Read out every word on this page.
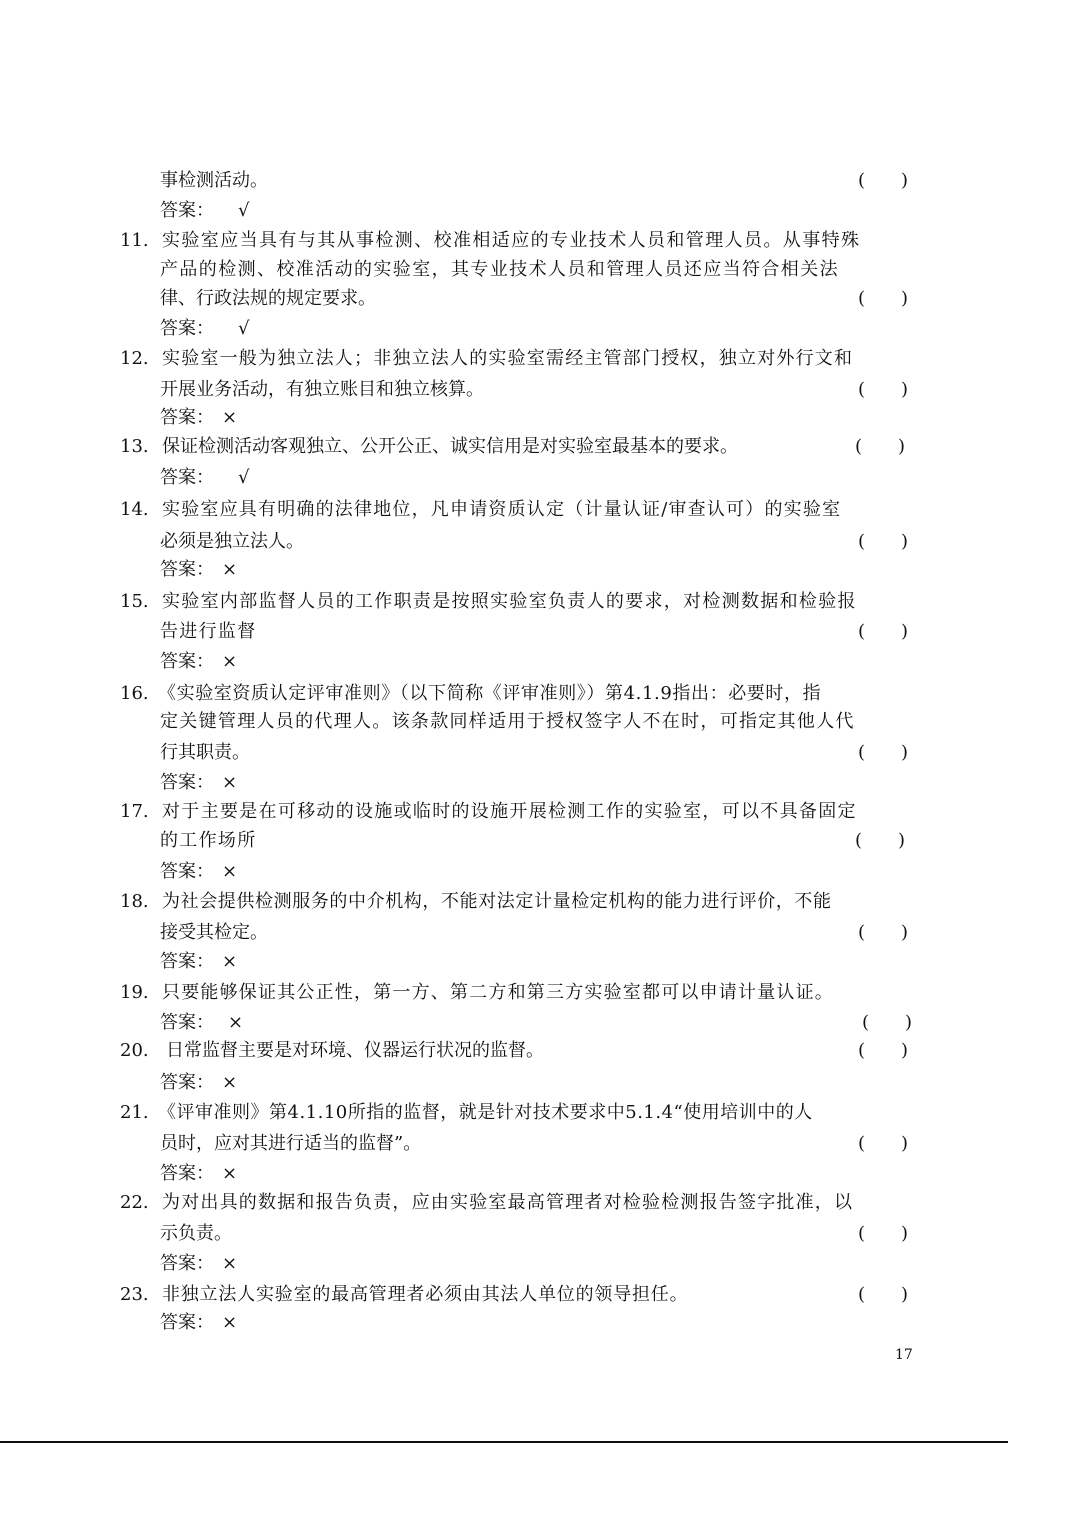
事检测活动。	(　　)
答案： √
11. 实验室应当具有与其从事检测、校准相适应的专业技术人员和管理人员。从事特殊
产品的检测、校准活动的实验室，其专业技术人员和管理人员还应当符合相关法
律、行政法规的规定要求。	(　　)
答案： √
12. 实验室一般为独立法人；非独立法人的实验室需经主管部门授权，独立对外行文和
开展业务活动，有独立账目和独立核算。	(　　)
答案： ×
13. 保证检测活动客观独立、公开公正、诚实信用是对实验室最基本的要求。	(　　)
答案： √
14. 实验室应具有明确的法律地位，凡申请资质认定（计量认证/审查认可）的实验室
必须是独立法人。	(　　)
答案： ×
15. 实验室内部监督人员的工作职责是按照实验室负责人的要求，对检测数据和检验报
告进行监督	(　　)
答案： ×
16. 《实验室资质认定评审准则》（以下简称《评审准则》）第4.1.9指出：必要时，指
定关键管理人员的代理人。该条款同样适用于授权签字人不在时，可指定其他人代
行其职责。	(　　)
答案： ×
17. 对于主要是在可移动的设施或临时的设施开展检测工作的实验室，可以不具备固定
的工作场所	(　　)
答案： ×
18. 为社会提供检测服务的中介机构，不能对法定计量检定机构的能力进行评价，不能
接受其检定。	(　　)
答案： ×
19. 只要能够保证其公正性，第一方、第二方和第三方实验室都可以申请计量认证。
答案： ×	(　　)
20. 日常监督主要是对环境、仪器运行状况的监督。	(　　)
答案： ×
21. 《评审准则》第4.1.10所指的监督，就是针对技术要求中5.1.4“使用培训中的人
员时，应对其进行适当的监督”。	(　　)
答案： ×
22. 为对出具的数据和报告负责，应由实验室最高管理者对检验检测报告签字批准，以
示负责。	(　　)
答案： ×
23. 非独立法人实验室的最高管理者必须由其法人单位的领导担任。	(　　)
答案： ×
17
